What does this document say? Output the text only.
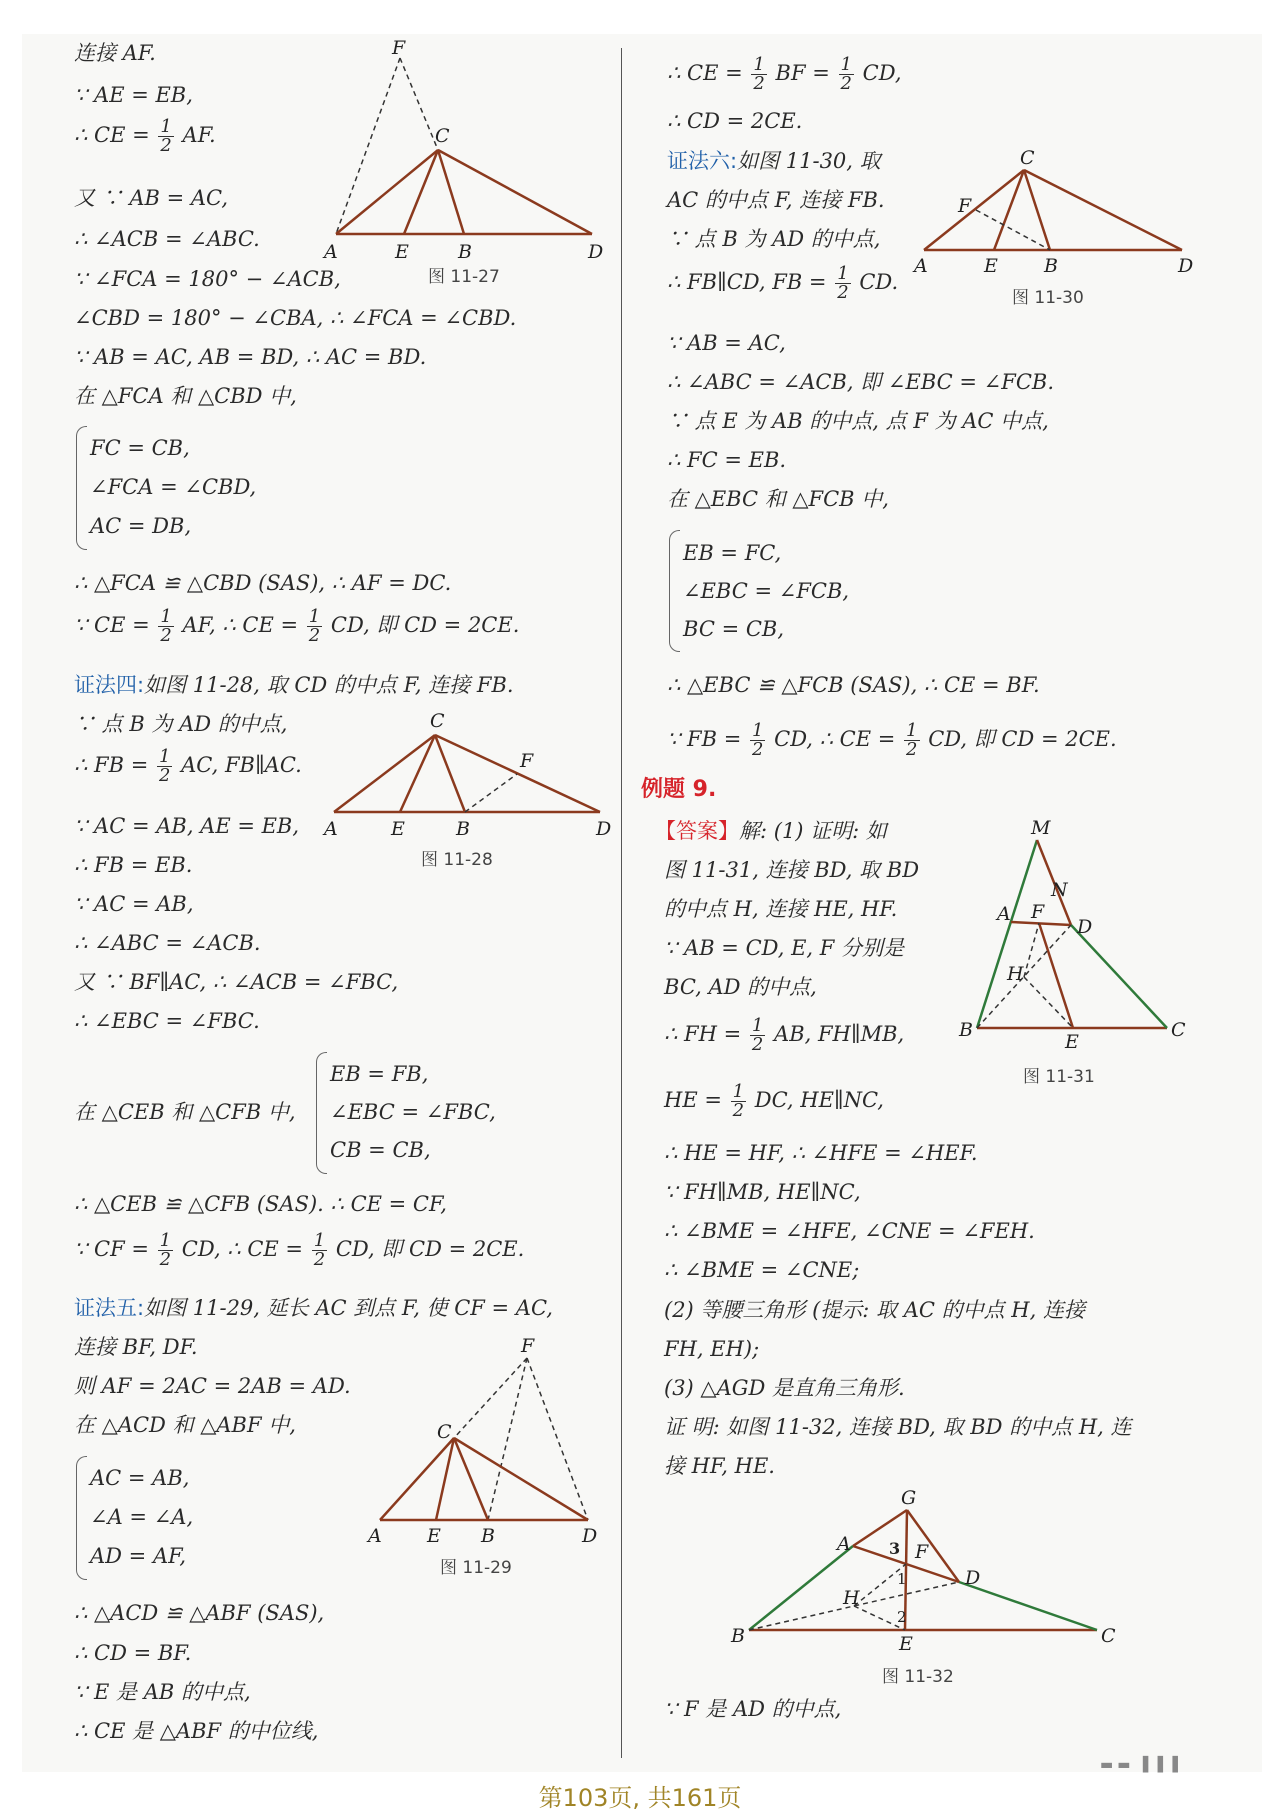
连接 AF.
∵ AE = EB,
∴ CE = $\frac{1}{2}$ AF.
又 ∵ AB = AC,
∴ ∠ACB = ∠ABC.
∵ ∠FCA = 180° − ∠ACB,
∠CBD = 180° − ∠CBA, ∴ ∠FCA = ∠CBD.
∵ AB = AC, AB = BD, ∴ AC = BD.
在 △FCA 和 △CBD 中,
FC = CB,
∠FCA = ∠CBD,
AC = DB,
∴ △FCA ≌ △CBD (SAS), ∴ AF = DC.
∵ CE = $\frac{1}{2}$ AF, ∴ CE = $\frac{1}{2}$ CD, 即 CD = 2CE.
证法四:如图 11-28, 取 CD 的中点 F, 连接 FB.
∵ 点 B 为 AD 的中点,
∴ FB = $\frac{1}{2}$ AC, FB∥AC.
∵ AC = AB, AE = EB,
∴ FB = EB.
∵ AC = AB,
∴ ∠ABC = ∠ACB.
又 ∵ BF∥AC, ∴ ∠ACB = ∠FBC,
∴ ∠EBC = ∠FBC.
在 △CEB 和 △CFB 中,
EB = FB,
∠EBC = ∠FBC,
CB = CB,
∴ △CEB ≌ △CFB (SAS). ∴ CE = CF,
∵ CF = $\frac{1}{2}$ CD, ∴ CE = $\frac{1}{2}$ CD, 即 CD = 2CE.
证法五:如图 11-29, 延长 AC 到点 F, 使 CF = AC,
连接 BF, DF.
则 AF = 2AC = 2AB = AD.
在 △ACD 和 △ABF 中,
AC = AB,
∠A = ∠A,
AD = AF,
∴ △ACD ≌ △ABF (SAS),
∴ CD = BF.
∵ E 是 AB 的中点,
∴ CE 是 △ABF 的中位线,
F
C
A	E	B	D
图 11-27
C
F
A	E	B	D
图 11-28
F
C
A E B	D
图 11-29
∴ CE = $\frac{1}{2}$ BF = $\frac{1}{2}$ CD,
∴ CD = 2CE.
证法六:如图 11-30, 取
AC 的中点 F, 连接 FB.
∵ 点 B 为 AD 的中点,
∴ FB∥CD, FB = $\frac{1}{2}$ CD.
∵ AB = AC,
∴ ∠ABC = ∠ACB, 即 ∠EBC = ∠FCB.
∵ 点 E 为 AB 的中点, 点 F 为 AC 中点,
∴ FC = EB.
在 △EBC 和 △FCB 中,
EB = FC,
∠EBC = ∠FCB,
BC = CB,
∴ △EBC ≌ △FCB (SAS), ∴ CE = BF.
∵ FB = $\frac{1}{2}$ CD, ∴ CE = $\frac{1}{2}$ CD, 即 CD = 2CE.
例题 9.
【答案】解: (1) 证明: 如
图 11-31, 连接 BD, 取 BD
的中点 H, 连接 HE, HF.
∵ AB = CD, E, F 分别是
BC, AD 的中点,
∴ FH = $\frac{1}{2}$ AB, FH∥MB,
HE = $\frac{1}{2}$ DC, HE∥NC,
∴ HE = HF, ∴ ∠HFE = ∠HEF.
∵ FH∥MB, HE∥NC,
∴ ∠BME = ∠HFE, ∠CNE = ∠FEH.
∴ ∠BME = ∠CNE;
(2) 等腰三角形 (提示: 取 AC 的中点 H, 连接
FH, EH);
(3) △AGD 是直角三角形.
证 明: 如图 11-32, 连接 BD, 取 BD 的中点 H, 连
接 HF, HE.
∵ F 是 AD 的中点,
C
F
A	E B	D
图 11-30
M
N
A F
D
H
B
E
C
图 11-31
G
A 3 F
D
1
H
2
B	E	C
图 11-32
▬▬ ▌▌▌
第103页, 共161页
